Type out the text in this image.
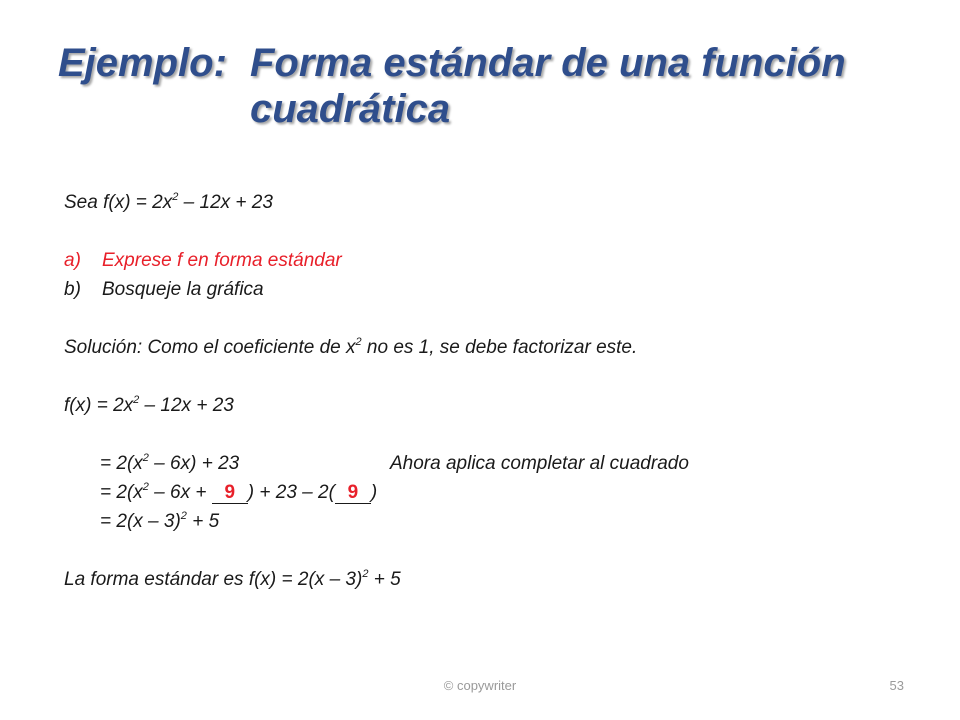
Ejemplo: Forma estándar de una función cuadrática
Sea $f(x) = 2x^2 - 12x + 23$
a) Exprese f en forma estándar
b) Bosqueje la gráfica
Solución: Como el coeficiente de $x^2$ no es 1, se debe factorizar este.
$f(x) = 2x^2 - 12x + 23$
= $2(x^2 - 6x) + 23$	Ahora aplica completar al cuadrado
= $2(x^2 - 6x + 9$ ) + 23 – 2( 9 )
= 2(x – 3)$^2$ + 5
La forma estándar es f(x) = 2(x – 3)$^2$ + 5
© copywriter	53
